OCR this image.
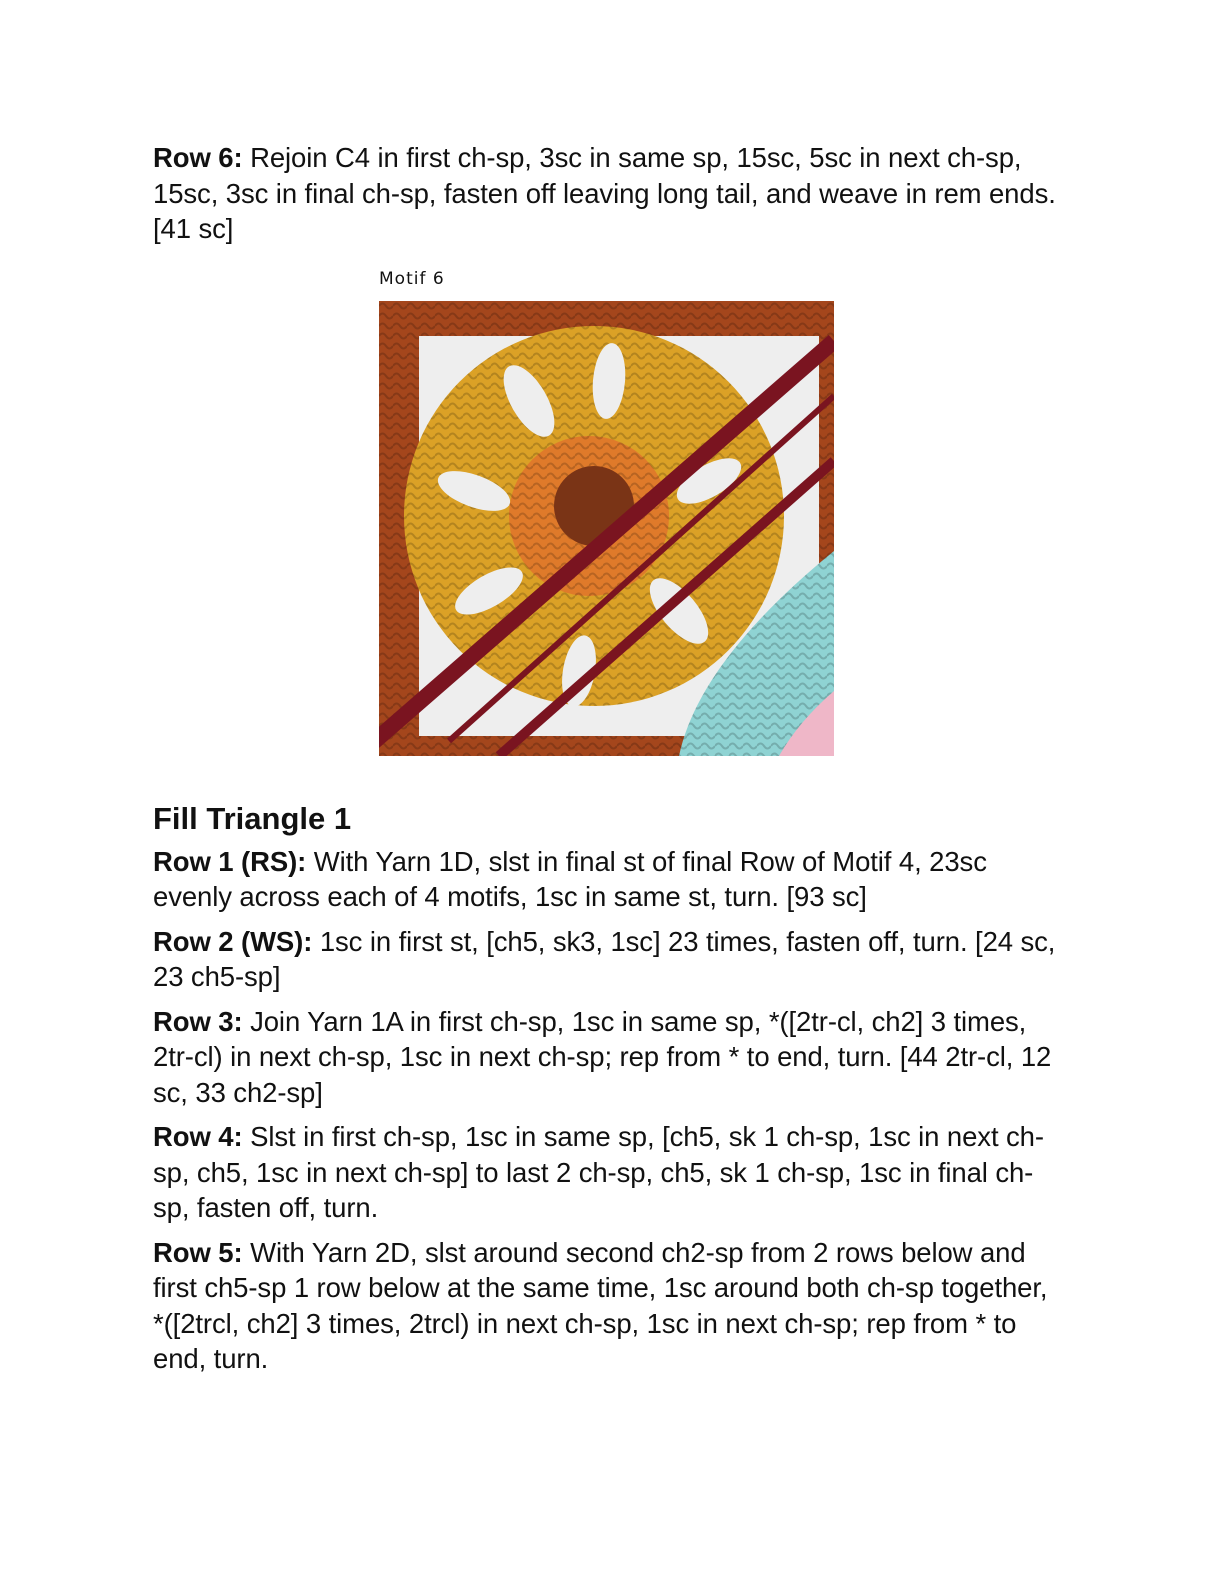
Row 6: Rejoin C4 in first ch-sp, 3sc in same sp, 15sc, 5sc in next ch-sp, 15sc, 3sc in final ch-sp, fasten off leaving long tail, and weave in rem ends. [41 sc]

Motif 6
Fill Triangle 1

Row 1 (RS): With Yarn 1D, slst in final st of final Row of Motif 4, 23sc evenly across each of 4 motifs, 1sc in same st, turn. [93 sc]

Row 2 (WS): 1sc in first st, [ch5, sk3, 1sc] 23 times, fasten off, turn. [24 sc, 23 ch5-sp]

Row 3: Join Yarn 1A in first ch-sp, 1sc in same sp, *([2tr-cl, ch2] 3 times, 2tr-cl) in next ch-sp, 1sc in next ch-sp; rep from * to end, turn. [44 2tr-cl, 12 sc, 33 ch2-sp]

Row 4: Slst in first ch-sp, 1sc in same sp, [ch5, sk 1 ch-sp, 1sc in next ch-sp, ch5, 1sc in next ch-sp] to last 2 ch-sp, ch5, sk 1 ch-sp, 1sc in final ch-sp, fasten off, turn.

Row 5: With Yarn 2D, slst around second ch2-sp from 2 rows below and first ch5-sp 1 row below at the same time, 1sc around both ch-sp together, *([2trcl, ch2] 3 times, 2trcl) in next ch-sp, 1sc in next ch-sp; rep from * to end, turn.
